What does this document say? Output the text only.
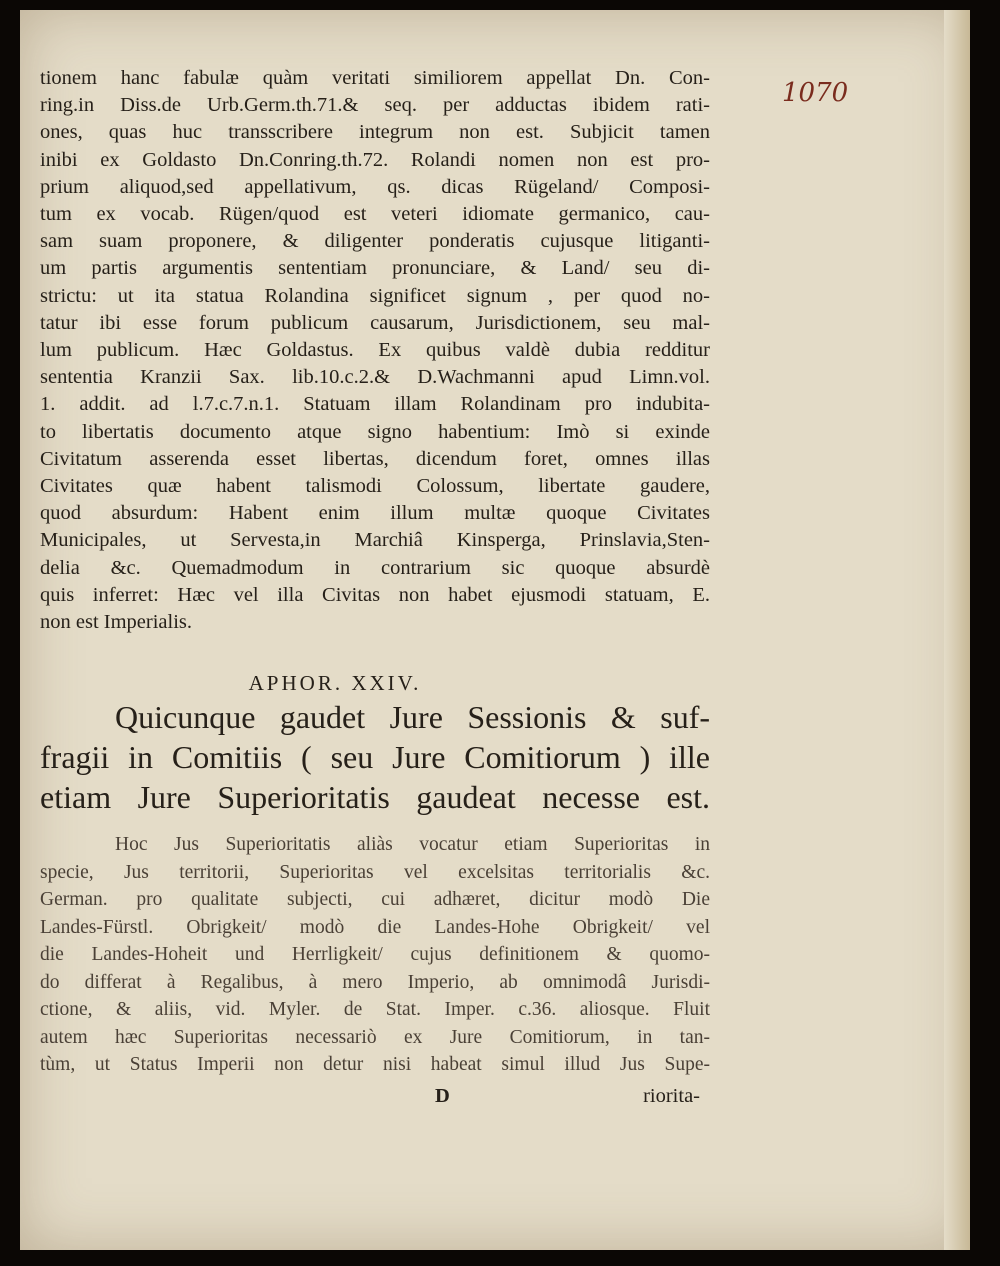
1070
tionem hanc fabulæ quàm veritati similiorem appellat Dn. Con-
ring.in Diss.de Urb.Germ.th.71.& seq. per adductas ibidem rati-
ones, quas huc transscribere integrum non est. Subjicit tamen
inibi ex Goldasto Dn.Conring.th.72. Rolandi nomen non est pro-
prium aliquod,sed appellativum, qs. dicas Rügeland/ Composi-
tum ex vocab. Rügen/quod est veteri idiomate germanico, cau-
sam suam proponere, & diligenter ponderatis cujusque litiganti-
um partis argumentis sententiam pronunciare, & Land/ seu di-
strictu: ut ita statua Rolandina significet signum , per quod no-
tatur ibi esse forum publicum causarum, Jurisdictionem, seu mal-
lum publicum. Hæc Goldastus. Ex quibus valdè dubia redditur
sententia Kranzii Sax. lib.10.c.2.& D.Wachmanni apud Limn.vol.
1. addit. ad l.7.c.7.n.1. Statuam illam Rolandinam pro indubita-
to libertatis documento atque signo habentium: Imò si exinde
Civitatum asserenda esset libertas, dicendum foret, omnes illas
Civitates quæ habent talismodi Colossum, libertate gaudere,
quod absurdum: Habent enim illum multæ quoque Civitates
Municipales, ut Servesta,in Marchiâ Kinsperga, Prinslavia,Sten-
delia &c. Quemadmodum in contrarium sic quoque absurdè
quis inferret: Hæc vel illa Civitas non habet ejusmodi statuam, E.
non est Imperialis.
APHOR. XXIV.
Quicunque gaudet Jure Sessionis & suf-
fragii in Comitiis ( seu Jure Comitiorum ) ille
etiam Jure Superioritatis gaudeat necesse est.
Hoc Jus Superioritatis aliàs vocatur etiam Superioritas in
specie, Jus territorii, Superioritas vel excelsitas territorialis &c.
German. pro qualitate subjecti, cui adhæret, dicitur modò Die
Landes-Fürstl. Obrigkeit/ modò die Landes-Hohe Obrigkeit/ vel
die Landes-Hoheit und Herrligkeit/ cujus definitionem & quomo-
do differat à Regalibus, à mero Imperio, ab omnimodâ Jurisdi-
ctione, & aliis, vid. Myler. de Stat. Imper. c.36. aliosque. Fluit
autem hæc Superioritas necessariò ex Jure Comitiorum, in tan-
tùm, ut Status Imperii non detur nisi habeat simul illud Jus Supe-
D	riorita-
